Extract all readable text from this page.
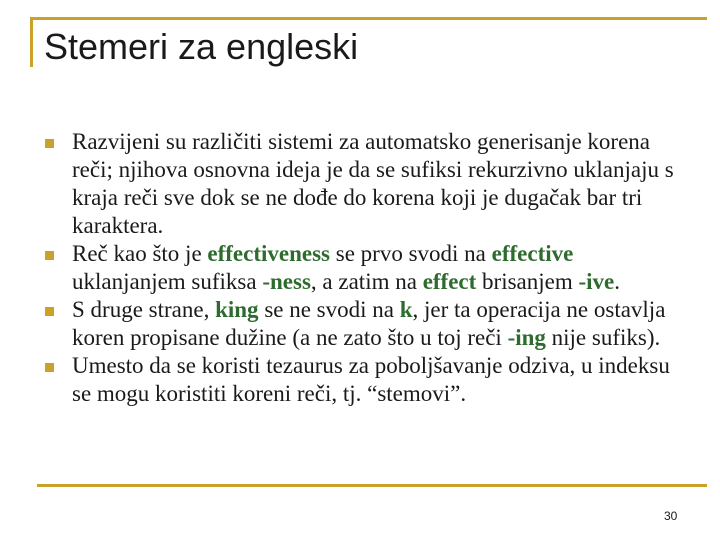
Stemeri za engleski
Razvijeni su različiti sistemi za automatsko generisanje korena reči; njihova osnovna ideja je da se sufiksi rekurzivno uklanjaju s kraja reči sve dok se ne dođe do korena koji je dugačak bar tri karaktera.
Reč kao što je effectiveness se prvo svodi na effective uklanjanjem sufiksa -ness, a zatim na effect brisanjem -ive.
S druge strane, king se ne svodi na k, jer ta operacija ne ostavlja koren propisane dužine (a ne zato što u toj reči -ing nije sufiks).
Umesto da se koristi tezaurus za poboljšavanje odziva, u indeksu se mogu koristiti koreni reči, tj. “stemovi”.
30
